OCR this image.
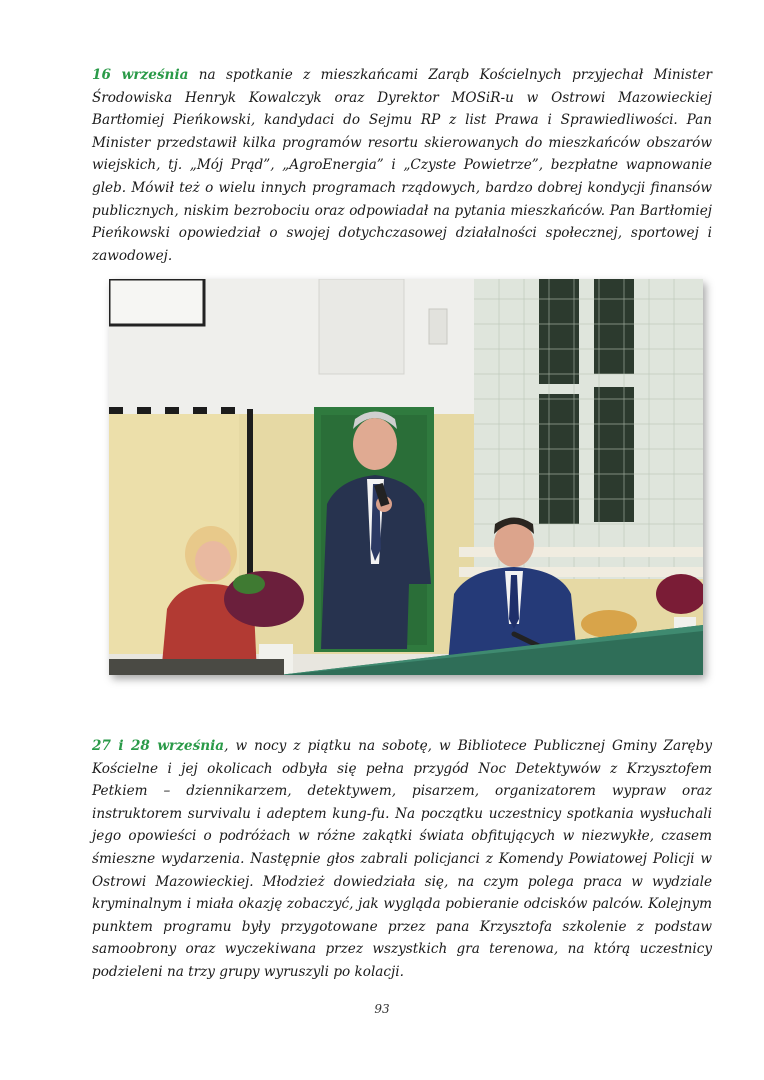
16 września na spotkanie z mieszkańcami Zarąb Kościelnych przyjechał Minister Środowiska Henryk Kowalczyk oraz Dyrektor MOSiR-u w Ostrowi Mazowieckiej Bartłomiej Pieńkowski, kandydaci do Sejmu RP z list Prawa i Sprawiedliwości. Pan Minister przedstawił kilka programów resortu skierowanych do mieszkańców obszarów wiejskich, tj. „Mój Prąd”, „AgroEnergia” i „Czyste Powietrze”, bezpłatne wapnowanie gleb. Mówił też o wielu innych programach rządowych, bardzo dobrej kondycji finansów publicznych, niskim bezrobociu oraz odpowiadał na pytania mieszkańców. Pan Bartłomiej Pieńkowski opowiedział o swojej dotychczasowej działalności społecznej, sportowej i zawodowej.

27 i 28 września, w nocy z piątku na sobotę, w Bibliotece Publicznej Gminy Zaręby Kościelne i jej okolicach odbyła się pełna przygód Noc Detektywów z Krzysztofem Petkiem – dziennikarzem, detektywem, pisarzem, organizatorem wypraw oraz instruktorem survivalu i adeptem kung-fu. Na początku uczestnicy spotkania wysłuchali jego opowieści o podróżach w różne zakątki świata obfitujących w niezwykłe, czasem śmieszne wydarzenia. Następnie głos zabrali policjanci z Komendy Powiatowej Policji w Ostrowi Mazowieckiej. Młodzież dowiedziała się, na czym polega praca w wydziale kryminalnym i miała okazję zobaczyć, jak wygląda pobieranie odcisków palców. Kolejnym punktem programu były przygotowane przez pana Krzysztofa szkolenie z podstaw samoobrony oraz wyczekiwana przez wszystkich gra terenowa, na którą uczestnicy podzieleni na trzy grupy wyruszyli po kolacji.

93
